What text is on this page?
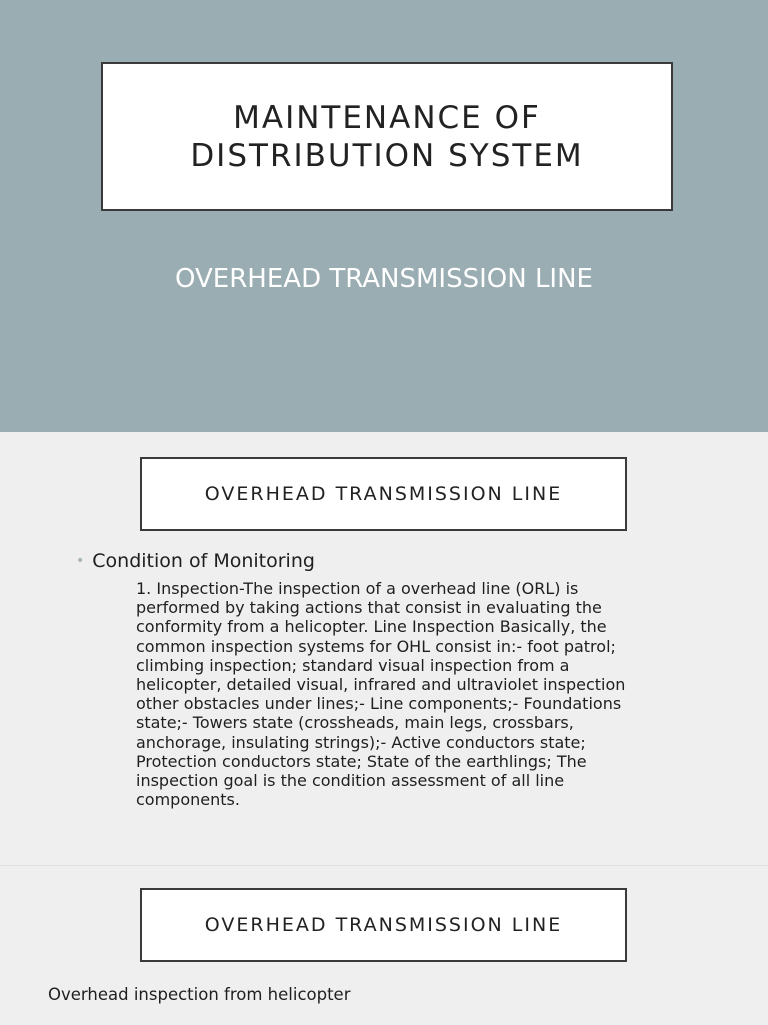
MAINTENANCE OF
DISTRIBUTION SYSTEM
OVERHEAD TRANSMISSION LINE
OVERHEAD TRANSMISSION LINE
• Condition of Monitoring
1. Inspection-The inspection of a overhead line (ORL) is performed by taking actions that consist in evaluating the conformity from a helicopter. Line Inspection Basically, the common inspection systems for OHL consist in:- foot patrol; climbing inspection; standard visual inspection from a helicopter, detailed visual, infrared and ultraviolet inspection other obstacles under lines;- Line components;- Foundations state;- Towers state (crossheads, main legs, crossbars, anchorage, insulating strings);- Active conductors state; Protection conductors state; State of the earthlings; The inspection goal is the condition assessment of all line components.
OVERHEAD TRANSMISSION LINE
Overhead inspection from helicopter
